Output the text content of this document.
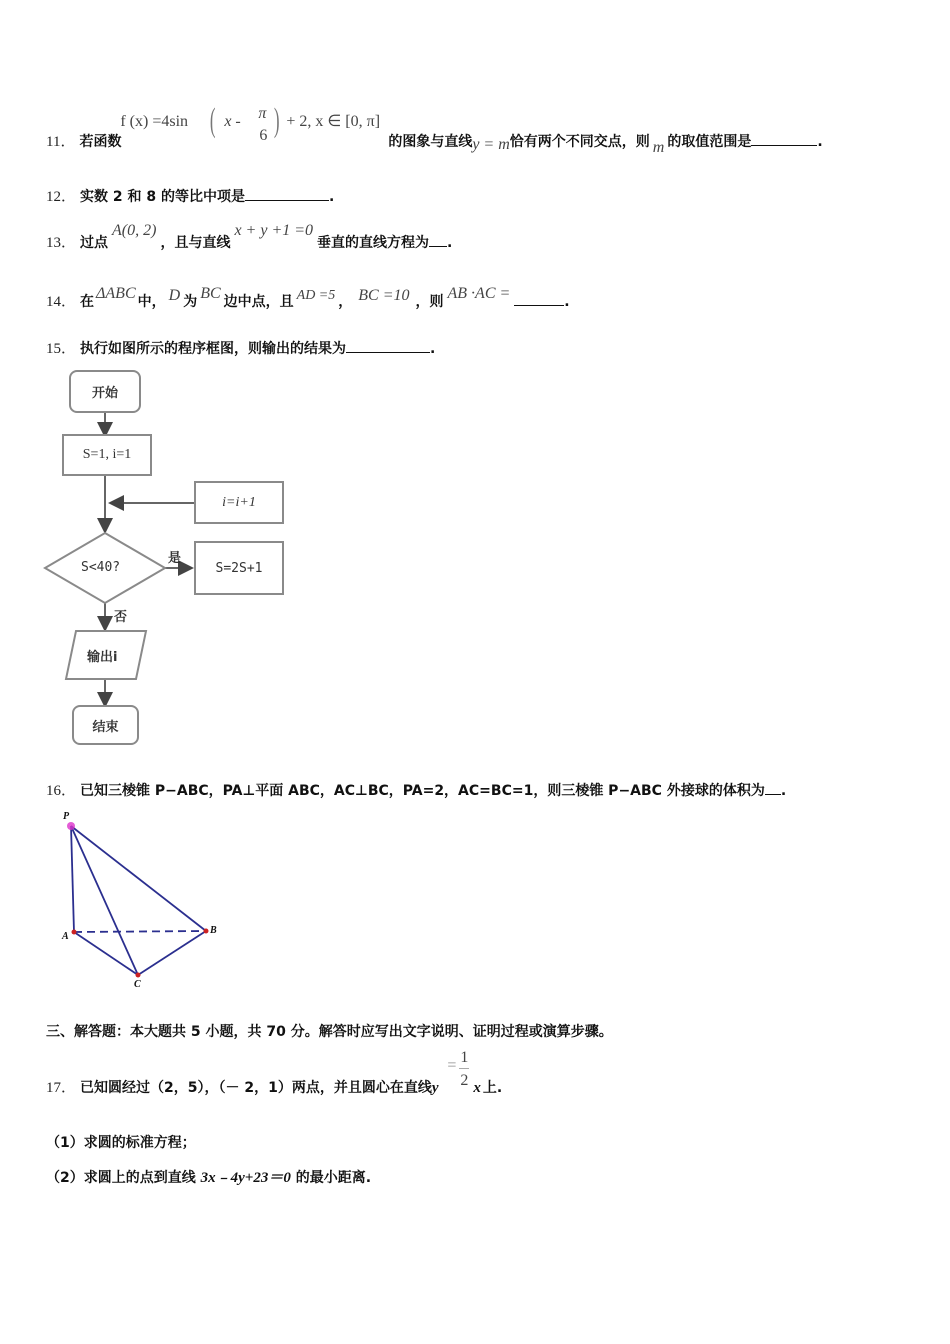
11． 若函数
f (x) =4sin ( x - π
6 ) + 2, x ∈ [0, π]
的图象与直线y = m恰有两个不同交点，则 m 的取值范围是	.
12． 实数 2 和 8 的等比中项是	.
13． 过点A(0, 2)，且与直线x + y +1 =0垂直的直线方程为 .
14． 在 ΔABC 中， D 为 BC 边中点，且 AD =5 ， BC =10 ，则 AB ·AC =	.
15． 执行如图所示的程序框图，则输出的结果为	.
开始
S=1, i=1
i=i+1
S<40?
是
S=2S+1
否
输出i
结束
16． 已知三棱锥 P−ABC，PA⊥平面 ABC，AC⊥BC，PA=2，AC=BC=1，则三棱锥 P−ABC 外接球的体积为 .
P
A
B
C
三、解答题：本大题共 5 小题，共 70 分。解答时应写出文字说明、证明过程或演算步骤。
17． 已知圆经过（2，5），（－ 2，1）两点，并且圆心在直线y
= 1
2 x 上.
（1）求圆的标准方程；
（2）求圆上的点到直线 3x﹣4y+23＝0 的最小距离.
